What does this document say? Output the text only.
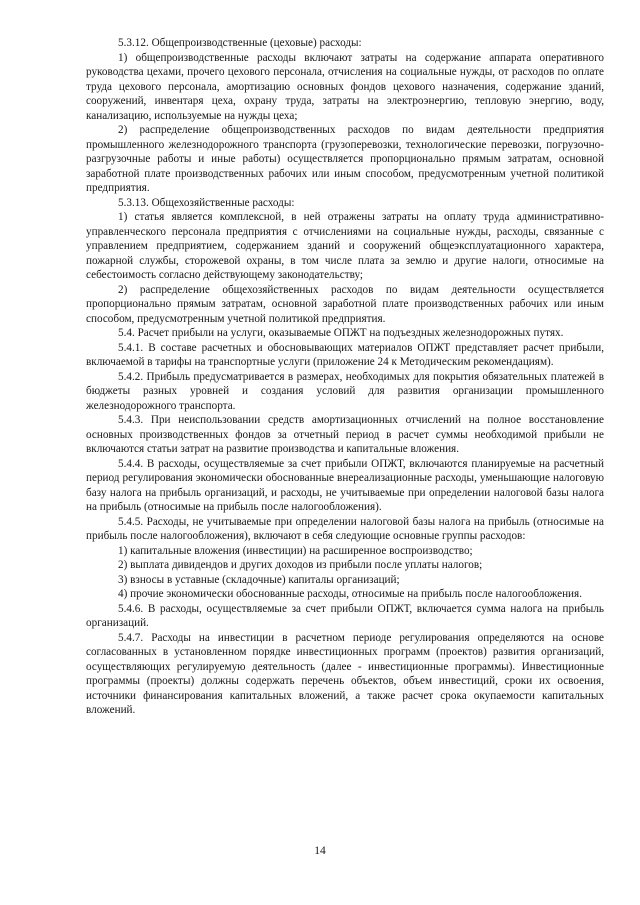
5.3.12. Общепроизводственные (цеховые) расходы:

1) общепроизводственные расходы включают затраты на содержание аппарата оперативного руководства цехами, прочего цехового персонала, отчисления на социальные нужды, от расходов по оплате труда цехового персонала, амортизацию основных фондов цехового назначения, содержание зданий, сооружений, инвентаря цеха, охрану труда, затраты на электроэнергию, тепловую энергию, воду, канализацию, используемые на нужды цеха;

2) распределение общепроизводственных расходов по видам деятельности предприятия промышленного железнодорожного транспорта (грузоперевозки, технологические перевозки, погрузочно-разгрузочные работы и иные работы) осуществляется пропорционально прямым затратам, основной заработной плате производственных рабочих или иным способом, предусмотренным учетной политикой предприятия.

5.3.13. Общехозяйственные расходы:

1) статья является комплексной, в ней отражены затраты на оплату труда административно-управленческого персонала предприятия с отчислениями на социальные нужды, расходы, связанные с управлением предприятием, содержанием зданий и сооружений общеэксплуатационного характера, пожарной службы, сторожевой охраны, в том числе плата за землю и другие налоги, относимые на себестоимость согласно действующему законодательству;

2) распределение общехозяйственных расходов по видам деятельности осуществляется пропорционально прямым затратам, основной заработной плате производственных рабочих или иным способом, предусмотренным учетной политикой предприятия.

5.4. Расчет прибыли на услуги, оказываемые ОПЖТ на подъездных железнодорожных путях.

5.4.1. В составе расчетных и обосновывающих материалов ОПЖТ представляет расчет прибыли, включаемой в тарифы на транспортные услуги (приложение 24 к Методическим рекомендациям).

5.4.2. Прибыль предусматривается в размерах, необходимых для покрытия обязательных платежей в бюджеты разных уровней и создания условий для развития организации промышленного железнодорожного транспорта.

5.4.3. При неиспользовании средств амортизационных отчислений на полное восстановление основных производственных фондов за отчетный период в расчет суммы необходимой прибыли не включаются статьи затрат на развитие производства и капитальные вложения.

5.4.4. В расходы, осуществляемые за счет прибыли ОПЖТ, включаются планируемые на расчетный период регулирования экономически обоснованные внереализационные расходы, уменьшающие налоговую базу налога на прибыль организаций, и расходы, не учитываемые при определении налоговой базы налога на прибыль (относимые на прибыль после налогообложения).

5.4.5. Расходы, не учитываемые при определении налоговой базы налога на прибыль (относимые на прибыль после налогообложения), включают в себя следующие основные группы расходов:

1) капитальные вложения (инвестиции) на расширенное воспроизводство;

2) выплата дивидендов и других доходов из прибыли после уплаты налогов;

3) взносы в уставные (складочные) капиталы организаций;

4) прочие экономически обоснованные расходы, относимые на прибыль после налогообложения.

5.4.6. В расходы, осуществляемые за счет прибыли ОПЖТ, включается сумма налога на прибыль организаций.

5.4.7. Расходы на инвестиции в расчетном периоде регулирования определяются на основе согласованных в установленном порядке инвестиционных программ (проектов) развития организаций, осуществляющих регулируемую деятельность (далее - инвестиционные программы). Инвестиционные программы (проекты) должны содержать перечень объектов, объем инвестиций, сроки их освоения, источники финансирования капитальных вложений, а также расчет срока окупаемости капитальных вложений.

14
